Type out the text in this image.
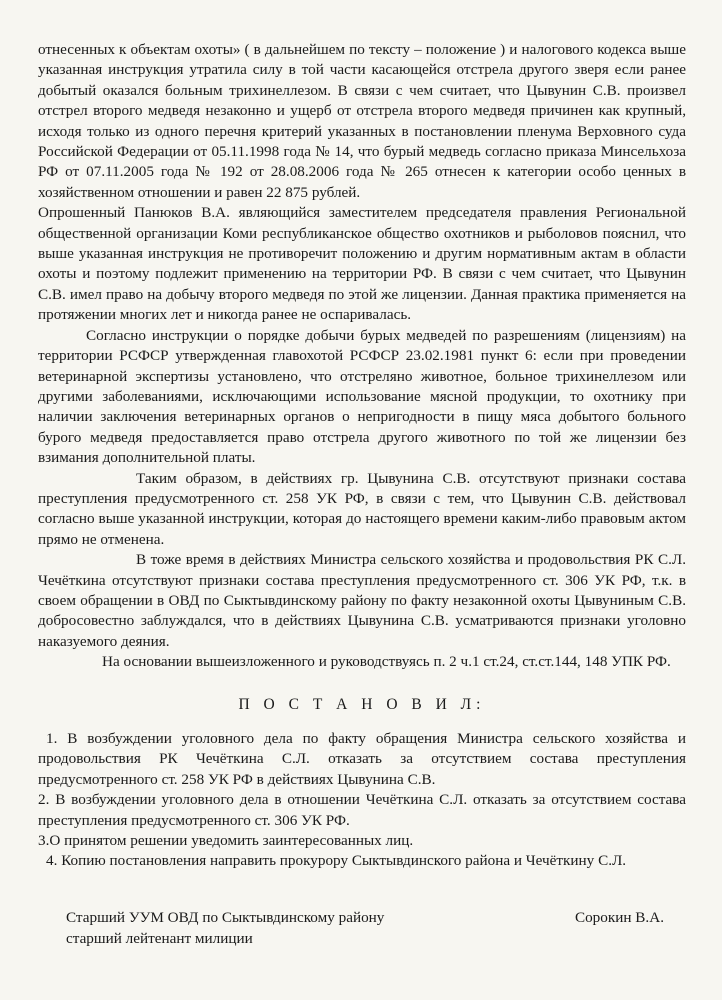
отнесенных к объектам охоты» ( в дальнейшем по тексту – положение ) и налогового кодекса выше указанная инструкция утратила силу в той части касающейся отстрела другого зверя если ранее добытый оказался больным трихинеллезом. В связи с чем считает, что Цывунин С.В. произвел отстрел второго медведя незаконно и ущерб от отстрела второго медведя причинен как крупный, исходя только из одного перечня критерий указанных в постановлении пленума Верховного суда Российской Федерации от 05.11.1998 года № 14, что бурый медведь согласно приказа Минсельхоза РФ от 07.11.2005 года № 192 от 28.08.2006 года № 265 отнесен к категории особо ценных в хозяйственном отношении и равен 22 875 рублей.

Опрошенный Панюков В.А. являющийся заместителем председателя правления Региональной общественной организации Коми республиканское общество охотников и рыболовов пояснил, что выше указанная инструкция не противоречит положению и другим нормативным актам в области охоты и поэтому подлежит применению на территории РФ. В связи с чем считает, что Цывунин С.В. имел право на добычу второго медведя по этой же лицензии. Данная практика применяется на протяжении многих лет и никогда ранее не оспаривалась.

Согласно инструкции о порядке добычи бурых медведей по разрешениям (лицензиям) на территории РСФСР утвержденная главохотой РСФСР 23.02.1981 пункт 6: если при проведении ветеринарной экспертизы установлено, что отстреляно животное, больное трихинеллезом или другими заболеваниями, исключающими использование мясной продукции, то охотнику при наличии заключения ветеринарных органов о непригодности в пищу мяса добытого больного бурого медведя предоставляется право отстрела другого животного по той же лицензии без взимания дополнительной платы.

Таким образом, в действиях гр. Цывунина С.В. отсутствуют признаки состава преступления предусмотренного ст. 258 УК РФ, в связи с тем, что Цывунин С.В. действовал согласно выше указанной инструкции, которая до настоящего времени каким-либо правовым актом прямо не отменена.

В тоже время в действиях Министра сельского хозяйства и продовольствия РК С.Л. Чечёткина отсутствуют признаки состава преступления предусмотренного ст. 306 УК РФ, т.к. в своем обращении в ОВД по Сыктывдинскому району по факту незаконной охоты Цывуниным С.В. добросовестно заблуждался, что в действиях Цывунина С.В. усматриваются признаки уголовно наказуемого деяния.

На основании вышеизложенного и руководствуясь п. 2 ч.1 ст.24, ст.ст.144, 148 УПК РФ.

П О С Т А Н О В И Л:

1. В возбуждении уголовного дела по факту обращения Министра сельского хозяйства и продовольствия РК Чечёткина С.Л. отказать за отсутствием состава преступления предусмотренного ст. 258 УК РФ в действиях Цывунина С.В.

2. В возбуждении уголовного дела в отношении Чечёткина С.Л. отказать за отсутствием состава преступления предусмотренного ст. 306 УК РФ.

3.О принятом решении уведомить заинтересованных лиц.

4. Копию постановления направить прокурору Сыктывдинского района и Чечёткину С.Л.

Старший УУМ ОВД по Сыктывдинскому району
старший лейтенант милиции
Сорокин В.А.
